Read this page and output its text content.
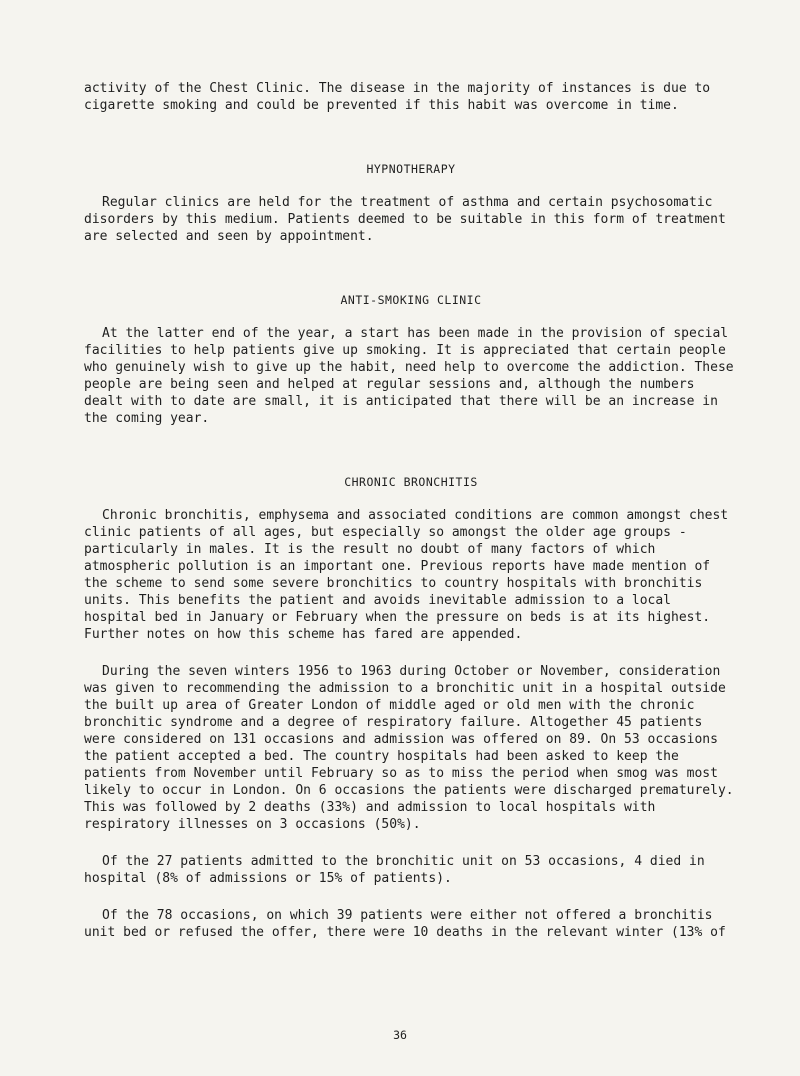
activity of the Chest Clinic. The disease in the majority of instances is due to cigarette smoking and could be prevented if this habit was overcome in time.

HYPNOTHERAPY

Regular clinics are held for the treatment of asthma and certain psychosomatic disorders by this medium. Patients deemed to be suitable in this form of treatment are selected and seen by appointment.

ANTI-SMOKING CLINIC

At the latter end of the year, a start has been made in the provision of special facilities to help patients give up smoking. It is appreciated that certain people who genuinely wish to give up the habit, need help to overcome the addiction. These people are being seen and helped at regular sessions and, although the numbers dealt with to date are small, it is anticipated that there will be an increase in the coming year.

CHRONIC BRONCHITIS

Chronic bronchitis, emphysema and associated conditions are common amongst chest clinic patients of all ages, but especially so amongst the older age groups - particularly in males. It is the result no doubt of many factors of which atmospheric pollution is an important one. Previous reports have made mention of the scheme to send some severe bronchitics to country hospitals with bronchitis units. This benefits the patient and avoids inevitable admission to a local hospital bed in January or February when the pressure on beds is at its highest. Further notes on how this scheme has fared are appended.

During the seven winters 1956 to 1963 during October or November, consideration was given to recommending the admission to a bronchitic unit in a hospital outside the built up area of Greater London of middle aged or old men with the chronic bronchitic syndrome and a degree of respiratory failure. Altogether 45 patients were considered on 131 occasions and admission was offered on 89. On 53 occasions the patient accepted a bed. The country hospitals had been asked to keep the patients from November until February so as to miss the period when smog was most likely to occur in London. On 6 occasions the patients were discharged prematurely. This was followed by 2 deaths (33%) and admission to local hospitals with respiratory illnesses on 3 occasions (50%).

Of the 27 patients admitted to the bronchitic unit on 53 occasions, 4 died in hospital (8% of admissions or 15% of patients).

Of the 78 occasions, on which 39 patients were either not offered a bronchitis unit bed or refused the offer, there were 10 deaths in the relevant winter (13% of

36
